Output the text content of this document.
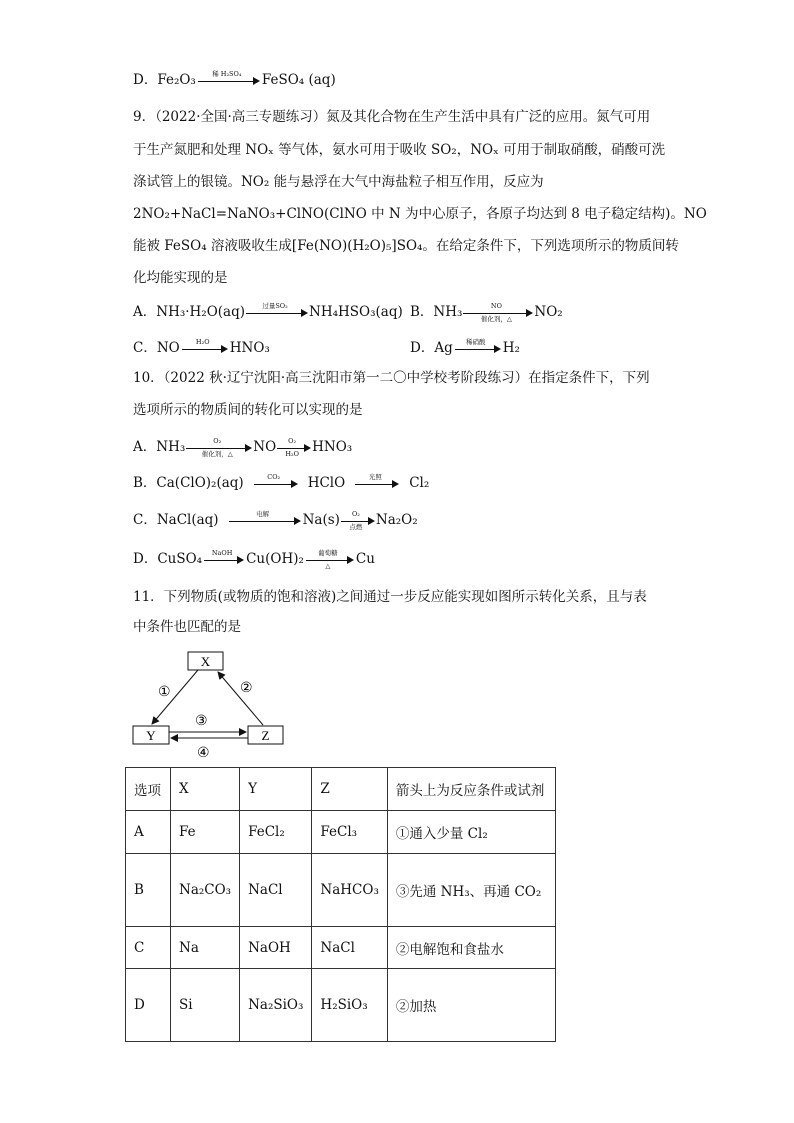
D．Fe₂O₃	稀 H₂SO₄	FeSO₄ (aq)
9．（2022·全国·高三专题练习）氮及其化合物在生产生活中具有广泛的应用。氮气可用
于生产氮肥和处理 NOₓ 等气体，氨水可用于吸收 SO₂，NOₓ 可用于制取硝酸，硝酸可洗
涤试管上的银镜。NO₂ 能与悬浮在大气中海盐粒子相互作用，反应为
2NO₂+NaCl=NaNO₃+ClNO(ClNO 中 N 为中心原子，各原子均达到 8 电子稳定结构)。NO
能被 FeSO₄ 溶液吸收生成[Fe(NO)(H₂O)₅]SO₄。在给定条件下，下列选项所示的物质间转
化均能实现的是
A．NH₃·H₂O(aq)	过量SO₂	NH₄HSO₃(aq) B．NH₃	NO
催化剂，△	NO₂
C．NO	H₂O	HNO₃	D．Ag	稀硝酸	H₂
10．（2022 秋·辽宁沈阳·高三沈阳市第一二〇中学校考阶段练习）在指定条件下，下列
选项所示的物质间的转化可以实现的是
A．NH₃	O₂
催化剂，△	NO $\frac{\text{O₂}}{\text{H₂O}} HNO_3$
B．Ca(ClO)₂(aq)	CO₂	HClO	光照	Cl₂
C．NaCl(aq)	电解	Na(s)	O₂
点燃	Na₂O₂
D．CuSO₄	NaOH	Cu(OH)₂	葡萄糖
△	Cu
11．下列物质(或物质的饱和溶液)之间通过一步反应能实现如图所示转化关系，且与表
中条件也匹配的是
X
Y	Z
①	②
③
④
选项	X	Y	Z	箭头上为反应条件或试剂
A	Fe	FeCl₂	FeCl₃	①通入少量 Cl₂
B	Na₂CO₃	NaCl	NaHCO₃	③先通 NH₃、再通 CO₂
C	Na	NaOH	NaCl	②电解饱和食盐水
D	Si	Na₂SiO₃	H₂SiO₃	②加热
